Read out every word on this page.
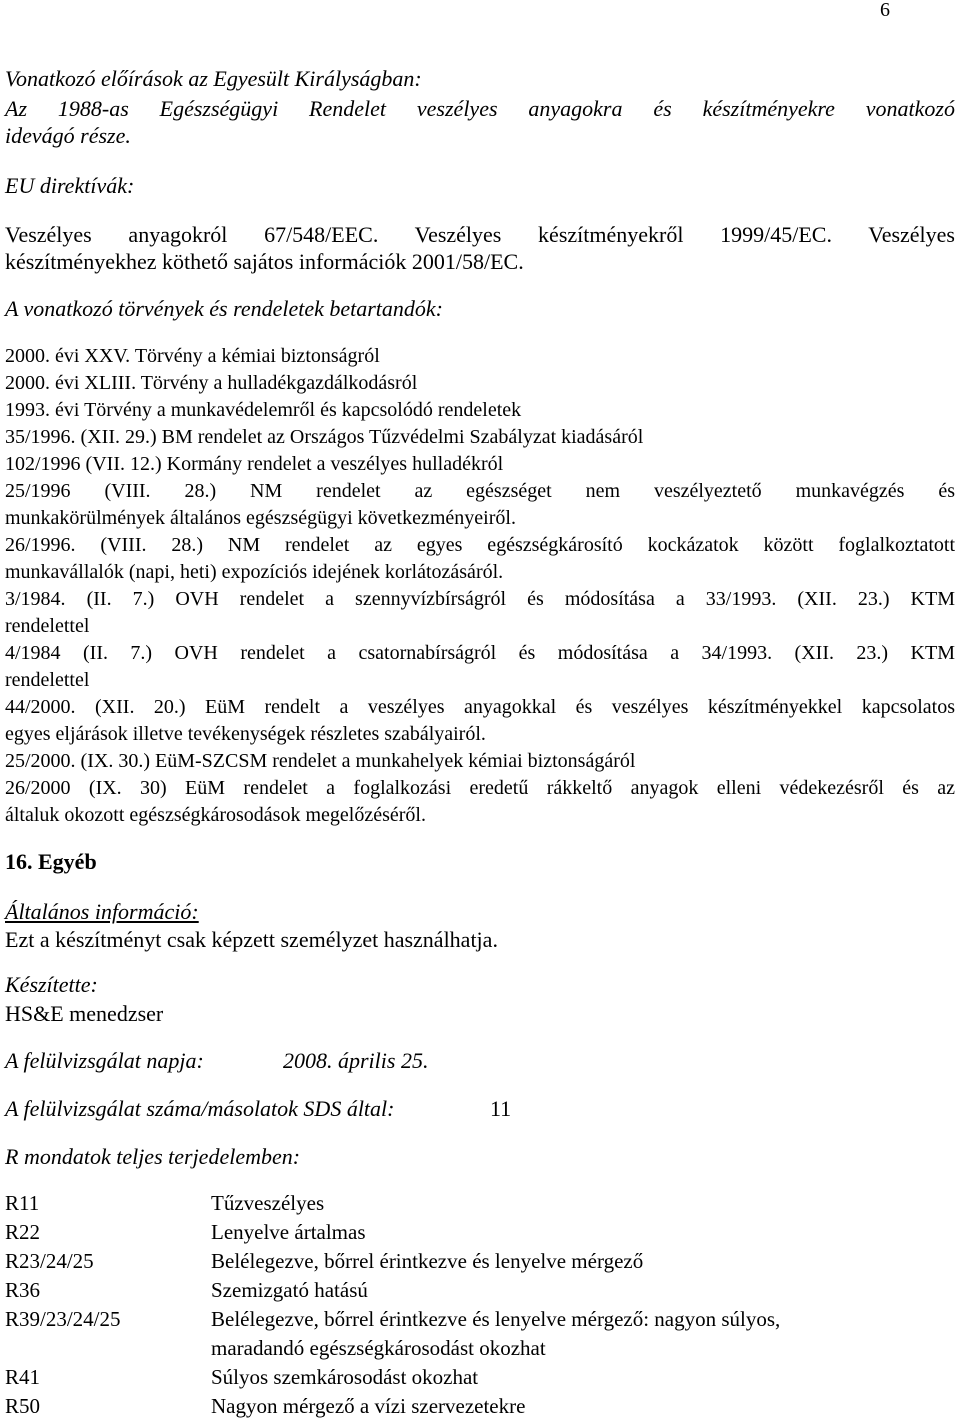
6
Vonatkozó előírások az Egyesült Királyságban:
Az 1988-as Egészségügyi Rendelet veszélyes anyagokra és készítményekre vonatkozó
idevágó része.
EU direktívák:
Veszélyes anyagokról 67/548/EEC. Veszélyes készítményekről 1999/45/EC. Veszélyes
készítményekhez köthető sajátos információk 2001/58/EC.
A vonatkozó törvények és rendeletek betartandók:
2000. évi XXV. Törvény a kémiai biztonságról
2000. évi XLIII. Törvény a hulladékgazdálkodásról
1993. évi Törvény a munkavédelemről és kapcsolódó rendeletek
35/1996. (XII. 29.) BM rendelet az Országos Tűzvédelmi Szabályzat kiadásáról
102/1996 (VII. 12.) Kormány rendelet a veszélyes hulladékról
25/1996 (VIII. 28.) NM rendelet az egészséget nem veszélyeztető munkavégzés és
munkakörülmények általános egészségügyi következményeiről.
26/1996. (VIII. 28.) NM rendelet az egyes egészségkárosító kockázatok között foglalkoztatott
munkavállalók (napi, heti) expozíciós idejének korlátozásáról.
3/1984. (II. 7.) OVH rendelet a szennyvízbírságról és módosítása a 33/1993. (XII. 23.) KTM
rendelettel
4/1984 (II. 7.) OVH rendelet a csatornabírságról és módosítása a 34/1993. (XII. 23.) KTM
rendelettel
44/2000. (XII. 20.) EüM rendelt a veszélyes anyagokkal és veszélyes készítményekkel kapcsolatos
egyes eljárások illetve tevékenységek részletes szabályairól.
25/2000. (IX. 30.) EüM-SZCSM rendelet a munkahelyek kémiai biztonságáról
26/2000 (IX. 30) EüM rendelet a foglalkozási eredetű rákkeltő anyagok elleni védekezésről és az
általuk okozott egészségkárosodások megelőzéséről.
16. Egyéb
Általános információ:
Ezt a készítményt csak képzett személyzet használhatja.
Készítette:
HS&E menedzser
A felülvizsgálat napja:	2008. április 25.
A felülvizsgálat száma/másolatok SDS által:	11
R mondatok teljes terjedelemben:
R11	Tűzveszélyes
R22	Lenyelve ártalmas
R23/24/25	Belélegezve, bőrrel érintkezve és lenyelve mérgező
R36	Szemizgató hatású
R39/23/24/25	Belélegezve, bőrrel érintkezve és lenyelve mérgező: nagyon súlyos,
maradandó egészségkárosodást okozhat
R41	Súlyos szemkárosodást okozhat
R50	Nagyon mérgező a vízi szervezetekre
